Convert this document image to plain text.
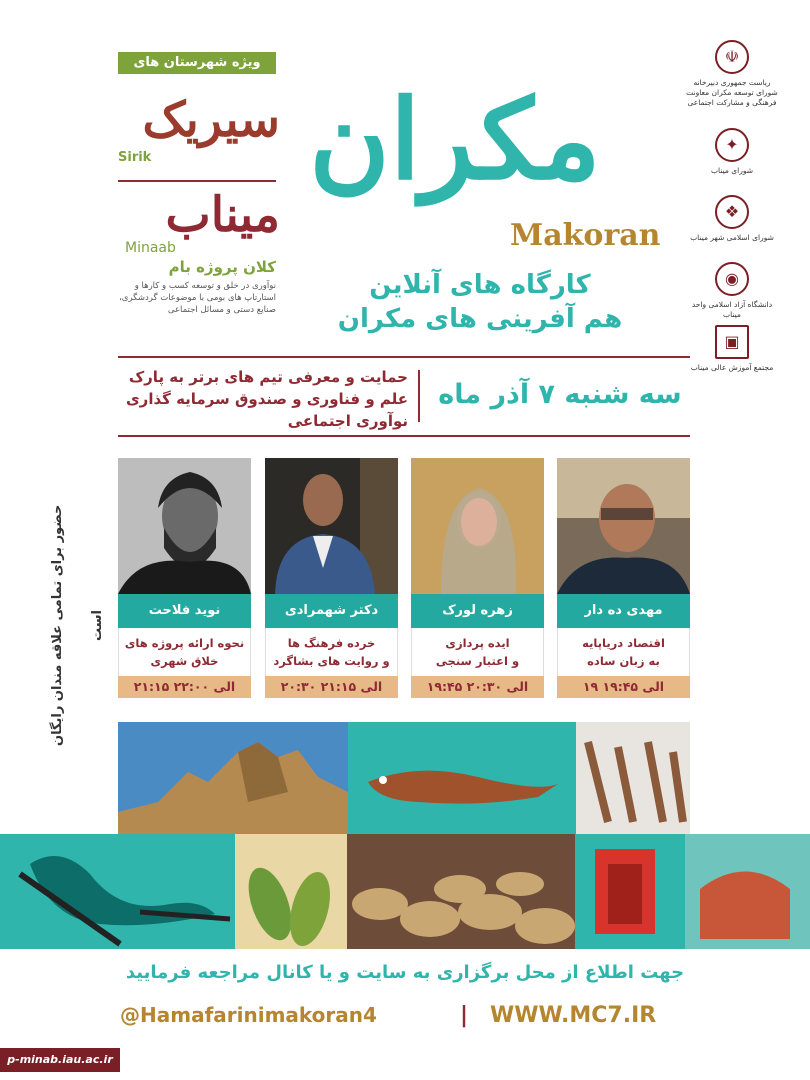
ویژه شهرستان های
سیریک
Sirik
میناب
Minaab
کلان پروژه بام
نوآوری در خلق و توسعه کسب و کارها و استارتاپ های بومی با موضوعات گردشگری، صنایع دستی و مسائل اجتماعی
☫
ریاست جمهوری دبیرخانه شورای توسعه مکران معاونت فرهنگی و مشارکت اجتماعی
✦
شورای میناب
❖
شورای اسلامی شهر میناب
◉
دانشگاه آزاد اسلامی واحد میناب
▣
مجتمع آموزش عالی میناب
مکران
Makoran
کارگاه های آنلاین
هم آفرینی های مکران
حمایت و معرفی تیم های برتر به پارک علم و فناوری و صندوق سرمایه گذاری نوآوری اجتماعی
سه شنبه ۷ آذر ماه
حضور برای تمامی علاقه مندان رایگان است	مهدی ده دار
اقتصاد دریاپایه
به زبان ساده
۱۹ الی ۱۹:۴۵
زهره لورک
ایده پردازی
و اعتبار سنجی
۱۹:۴۵ الی ۲۰:۳۰
دکتر شهمرادی
خرده فرهنگ ها
و روایت های بشاگرد
۲۰:۳۰ الی ۲۱:۱۵
نوید فلاحت
نحوه ارائه پروژه های
خلاق شهری
۲۱:۱۵ الی ۲۲:۰۰
جهت اطلاع از محل برگزاری به سایت و یا کانال مراجعه فرمایید
@Hamafarinimakoran4	| WWW.MC7.IR
p-minab.iau.ac.ir
